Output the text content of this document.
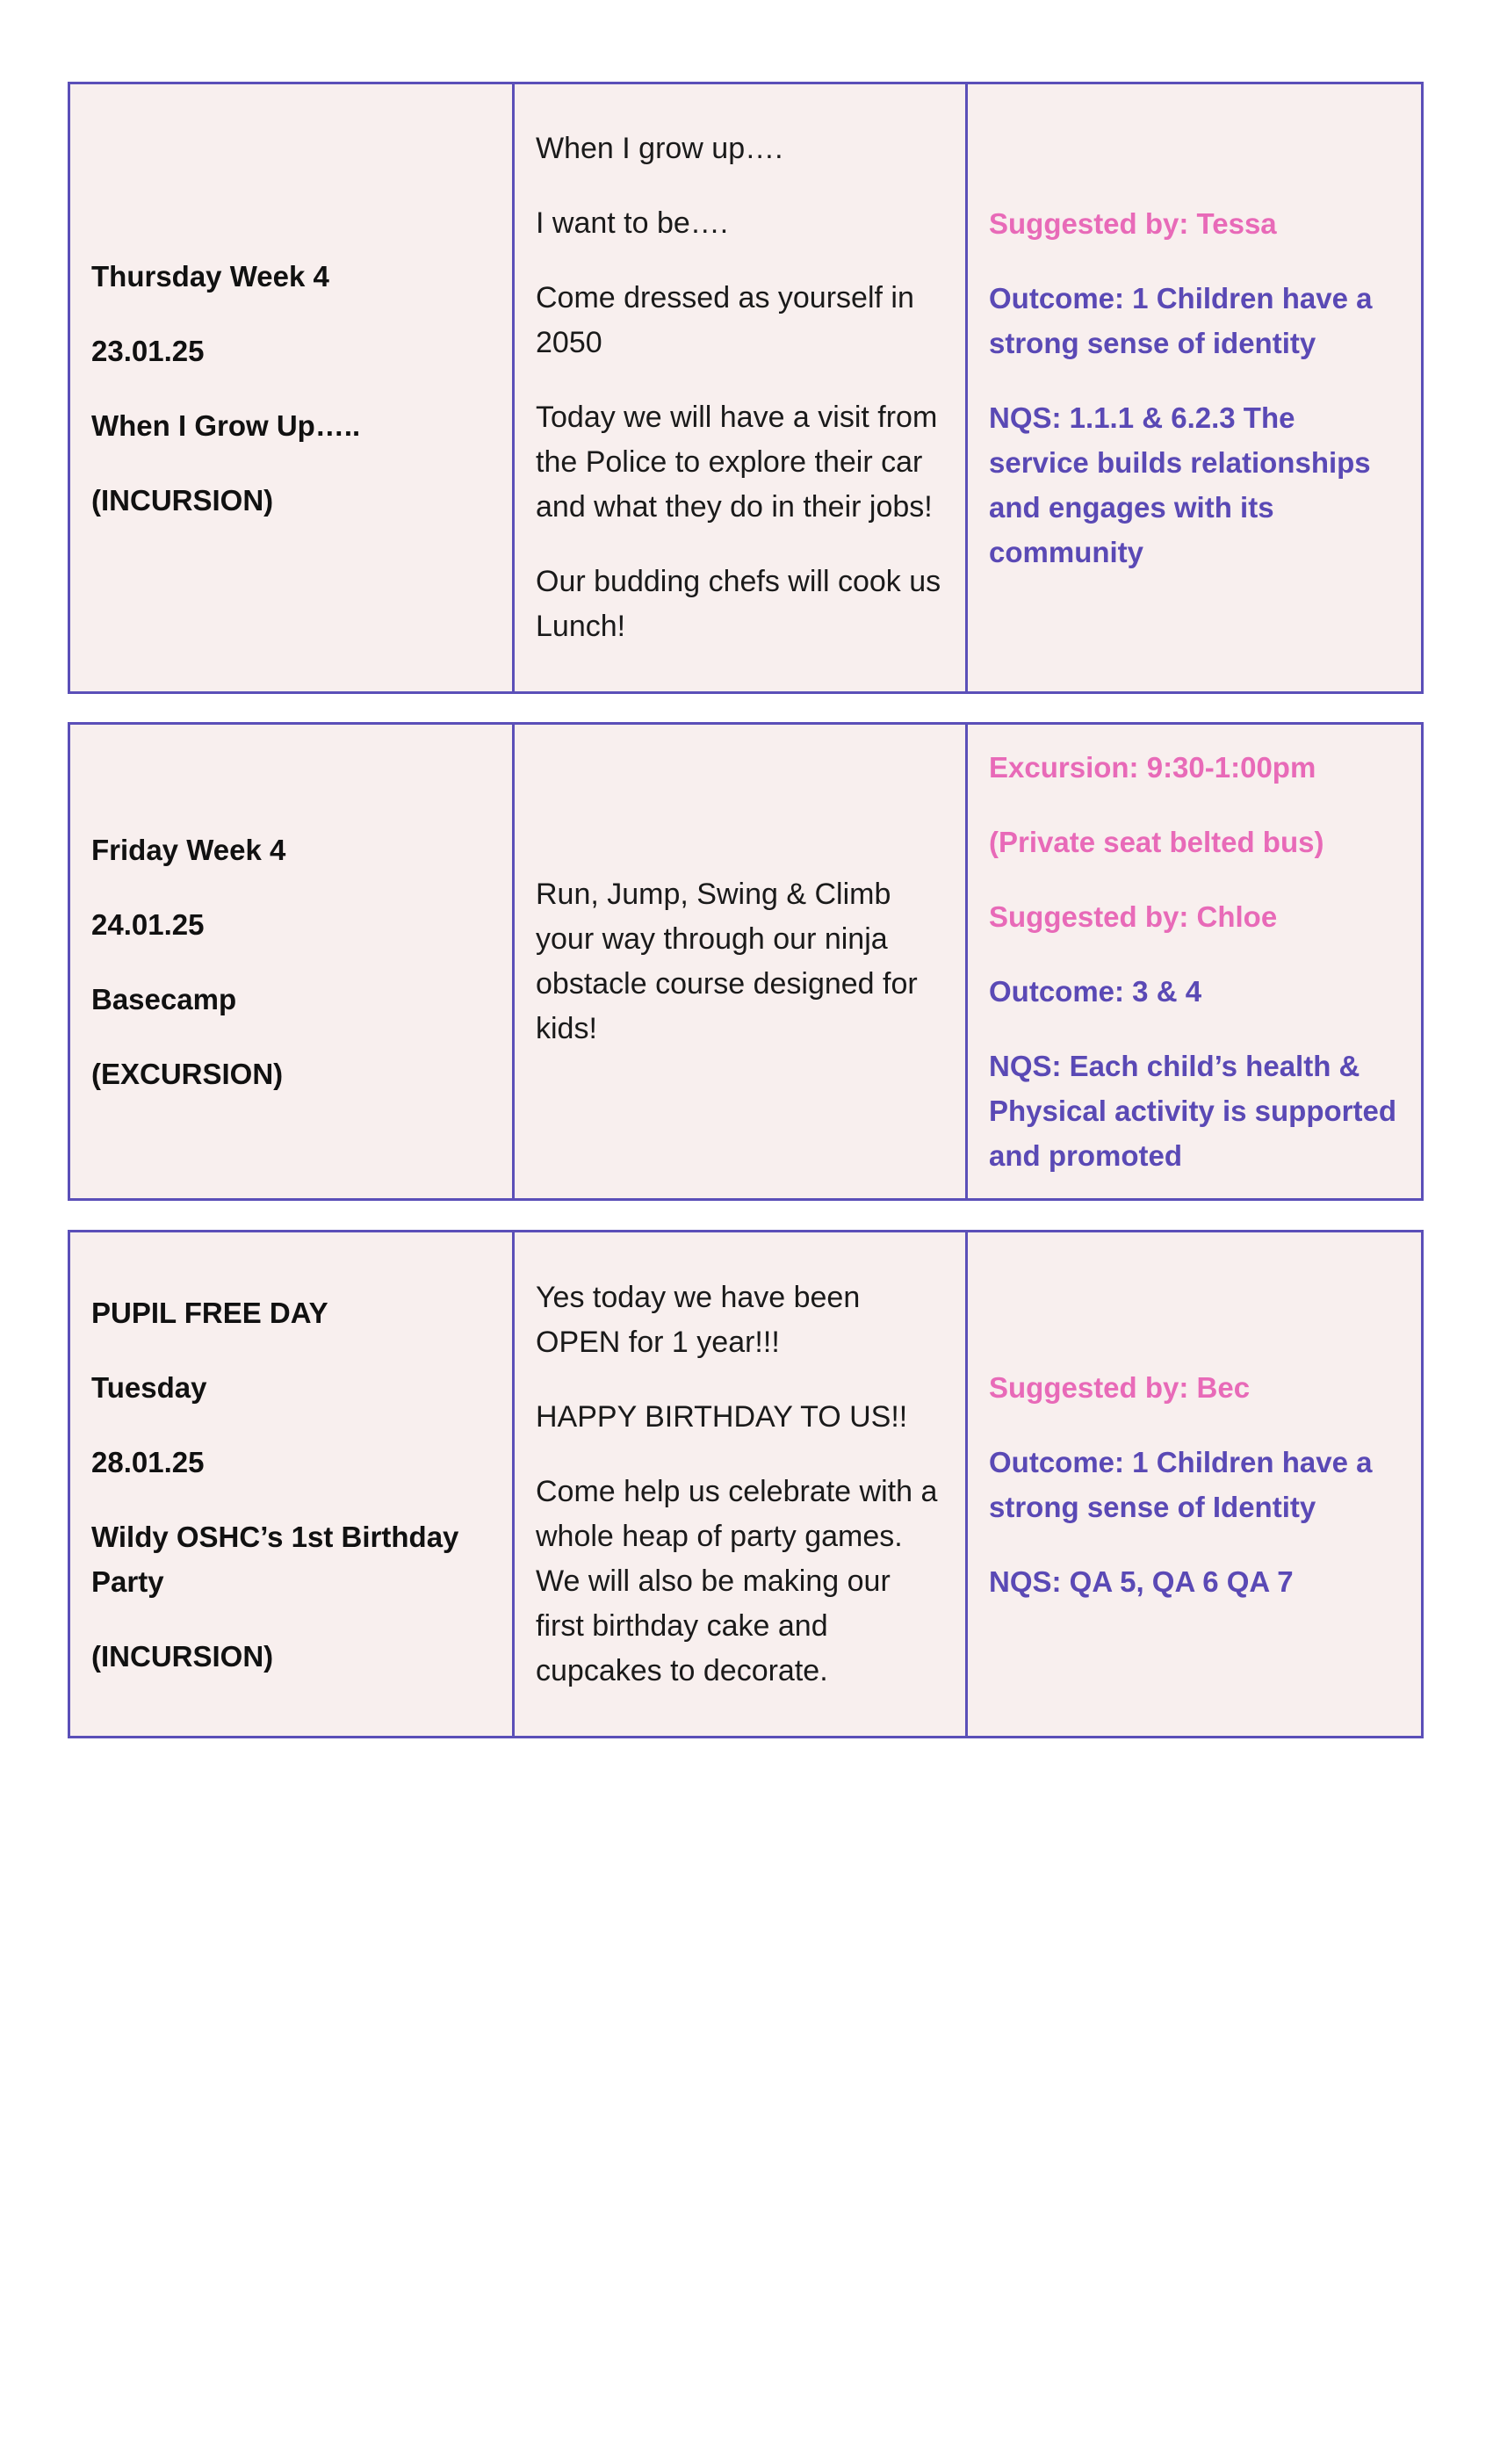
Thursday Week 4

23.01.25

When I Grow Up…..

(INCURSION)

When I grow up….

I want to be….

Come dressed as yourself in 2050

Today we will have a visit from the Police to explore their car and what they do in their jobs!

Our budding chefs will cook us Lunch!

Suggested by: Tessa

Outcome: 1 Children have a strong sense of identity

NQS: 1.1.1 & 6.2.3 The service builds relationships and engages with its community

Friday Week 4

24.01.25

Basecamp

(EXCURSION)

Run, Jump, Swing & Climb your way through our ninja obstacle course designed for kids!

Excursion: 9:30-1:00pm

(Private seat belted bus)

Suggested by: Chloe

Outcome: 3 & 4

NQS: Each child’s health & Physical activity is supported and promoted

PUPIL FREE DAY

Tuesday

28.01.25

Wildy OSHC’s 1st Birthday Party

(INCURSION)

Yes today we have been OPEN for 1 year!!!

HAPPY BIRTHDAY TO US!!

Come help us celebrate with a whole heap of party games. We will also be making our first birthday cake and cupcakes to decorate.

Suggested by: Bec

Outcome: 1 Children have a strong sense of Identity

NQS: QA 5, QA 6 QA 7
